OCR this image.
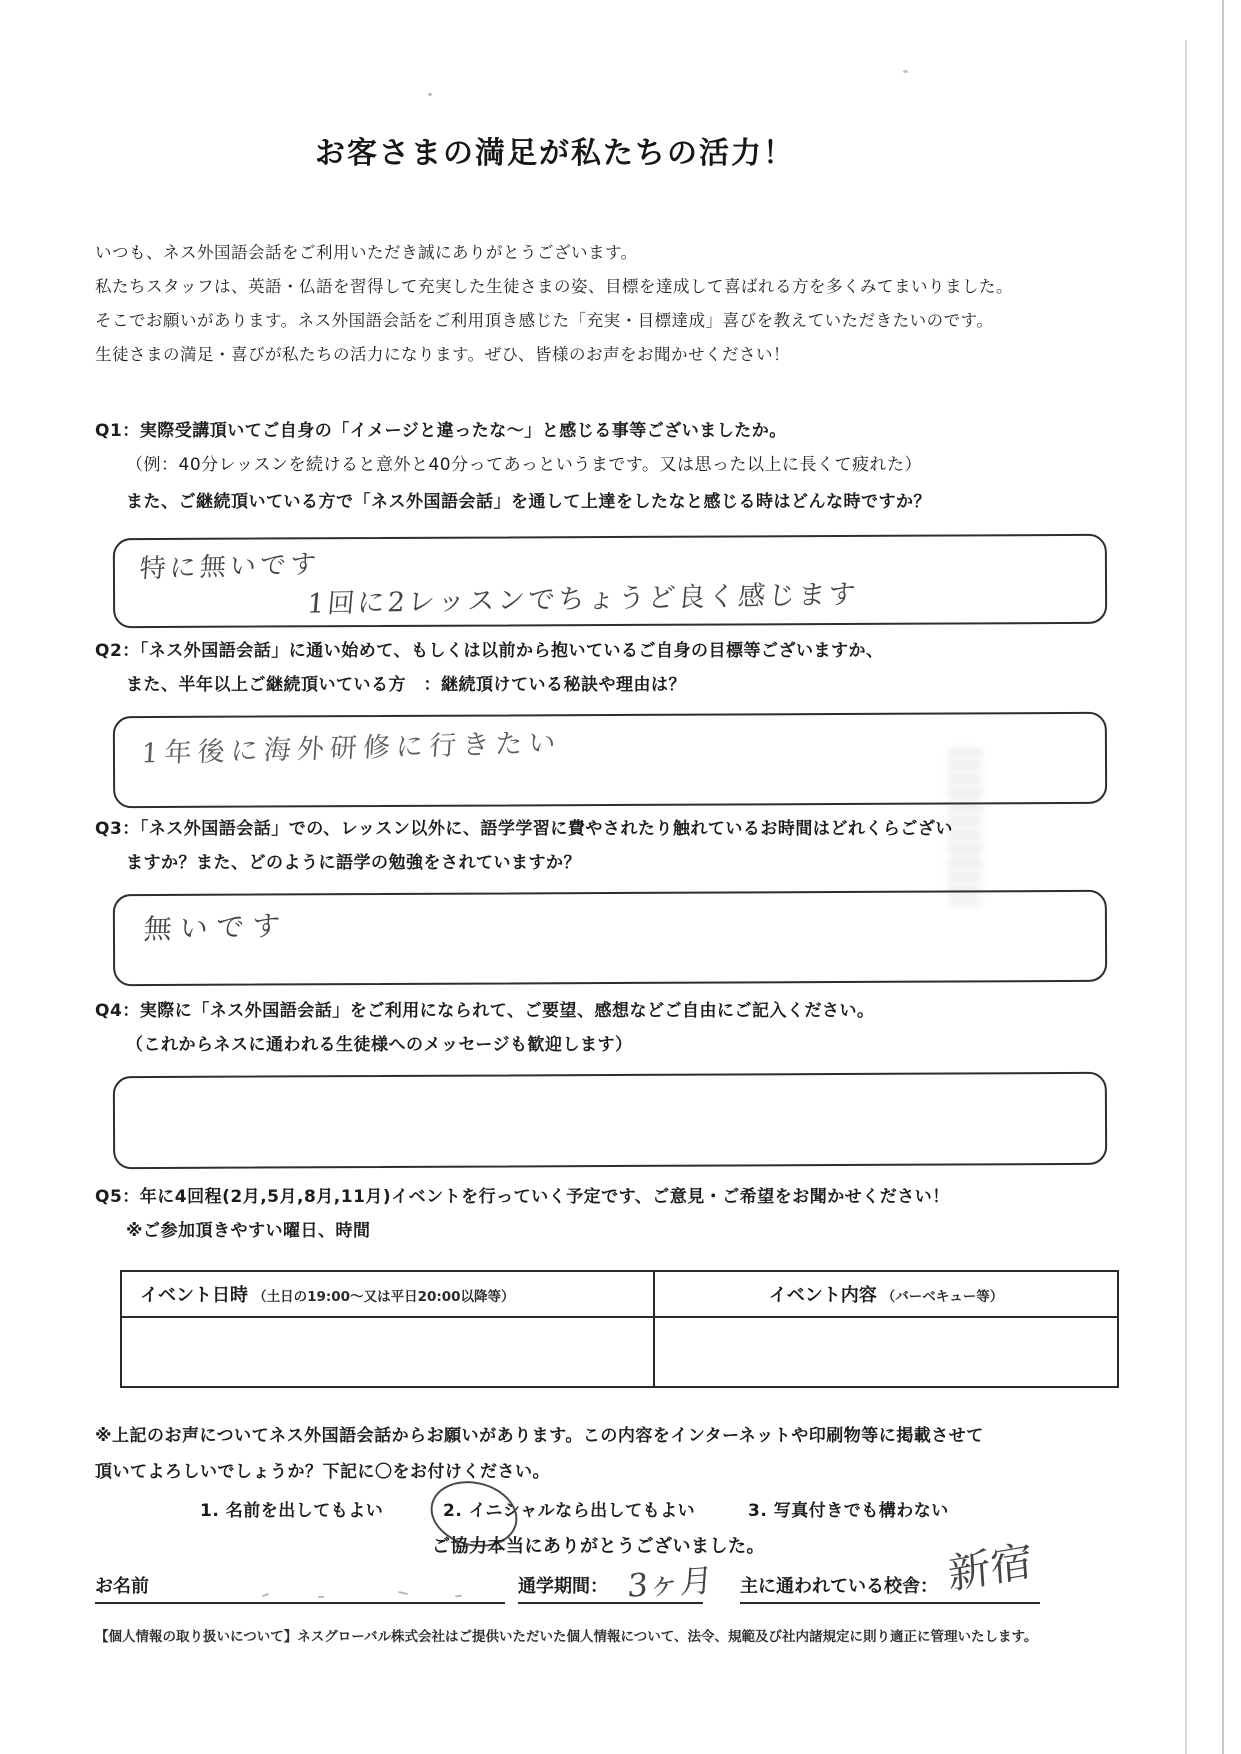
お客さまの満足が私たちの活力！
いつも、ネス外国語会話をご利用いただき誠にありがとうございます。
私たちスタッフは、英語・仏語を習得して充実した生徒さまの姿、目標を達成して喜ばれる方を多くみてまいりました。
そこでお願いがあります。ネス外国語会話をご利用頂き感じた「充実・目標達成」喜びを教えていただきたいのです。
生徒さまの満足・喜びが私たちの活力になります。ぜひ、皆様のお声をお聞かせください！
Q1：実際受講頂いてご自身の「イメージと違ったな～」と感じる事等ございましたか。
（例：40分レッスンを続けると意外と40分ってあっというまです。又は思った以上に長くて疲れた）
また、ご継続頂いている方で「ネス外国語会話」を通して上達をしたなと感じる時はどんな時ですか？
特に無いです
1回に2レッスンでちょうど良く感じます
Q2：「ネス外国語会話」に通い始めて、もしくは以前から抱いているご自身の目標等ございますか、
また、半年以上ご継続頂いている方　：継続頂けている秘訣や理由は？
1年後に海外研修に行きたい
Q3：「ネス外国語会話」での、レッスン以外に、語学学習に費やされたり触れているお時間はどれくらござい
ますか？また、どのように語学の勉強をされていますか？
無いです
Q4：実際に「ネス外国語会話」をご利用になられて、ご要望、感想などご自由にご記入ください。
（これからネスに通われる生徒様へのメッセージも歓迎します）
Q5：年に4回程(2月,5月,8月,11月)イベントを行っていく予定です、ご意見・ご希望をお聞かせください！
※ご参加頂きやすい曜日、時間
イベント日時 （土日の19:00～又は平日20:00以降等）	イベント内容 （バーベキュー等）

※上記のお声についてネス外国語会話からお願いがあります。この内容をインターネットや印刷物等に掲載させて
頂いてよろしいでしょうか？下記に〇をお付けください。
1. 名前を出してもよい	2. イニシャルなら出してもよい	3. 写真付きでも構わない
ご協力本当にありがとうございました。
お名前	通学期間： 3ヶ月 主に通われている校舎： 新宿
【個人情報の取り扱いについて】ネスグローバル株式会社はご提供いただいた個人情報について、法令、規範及び社内諸規定に則り適正に管理いたします。
